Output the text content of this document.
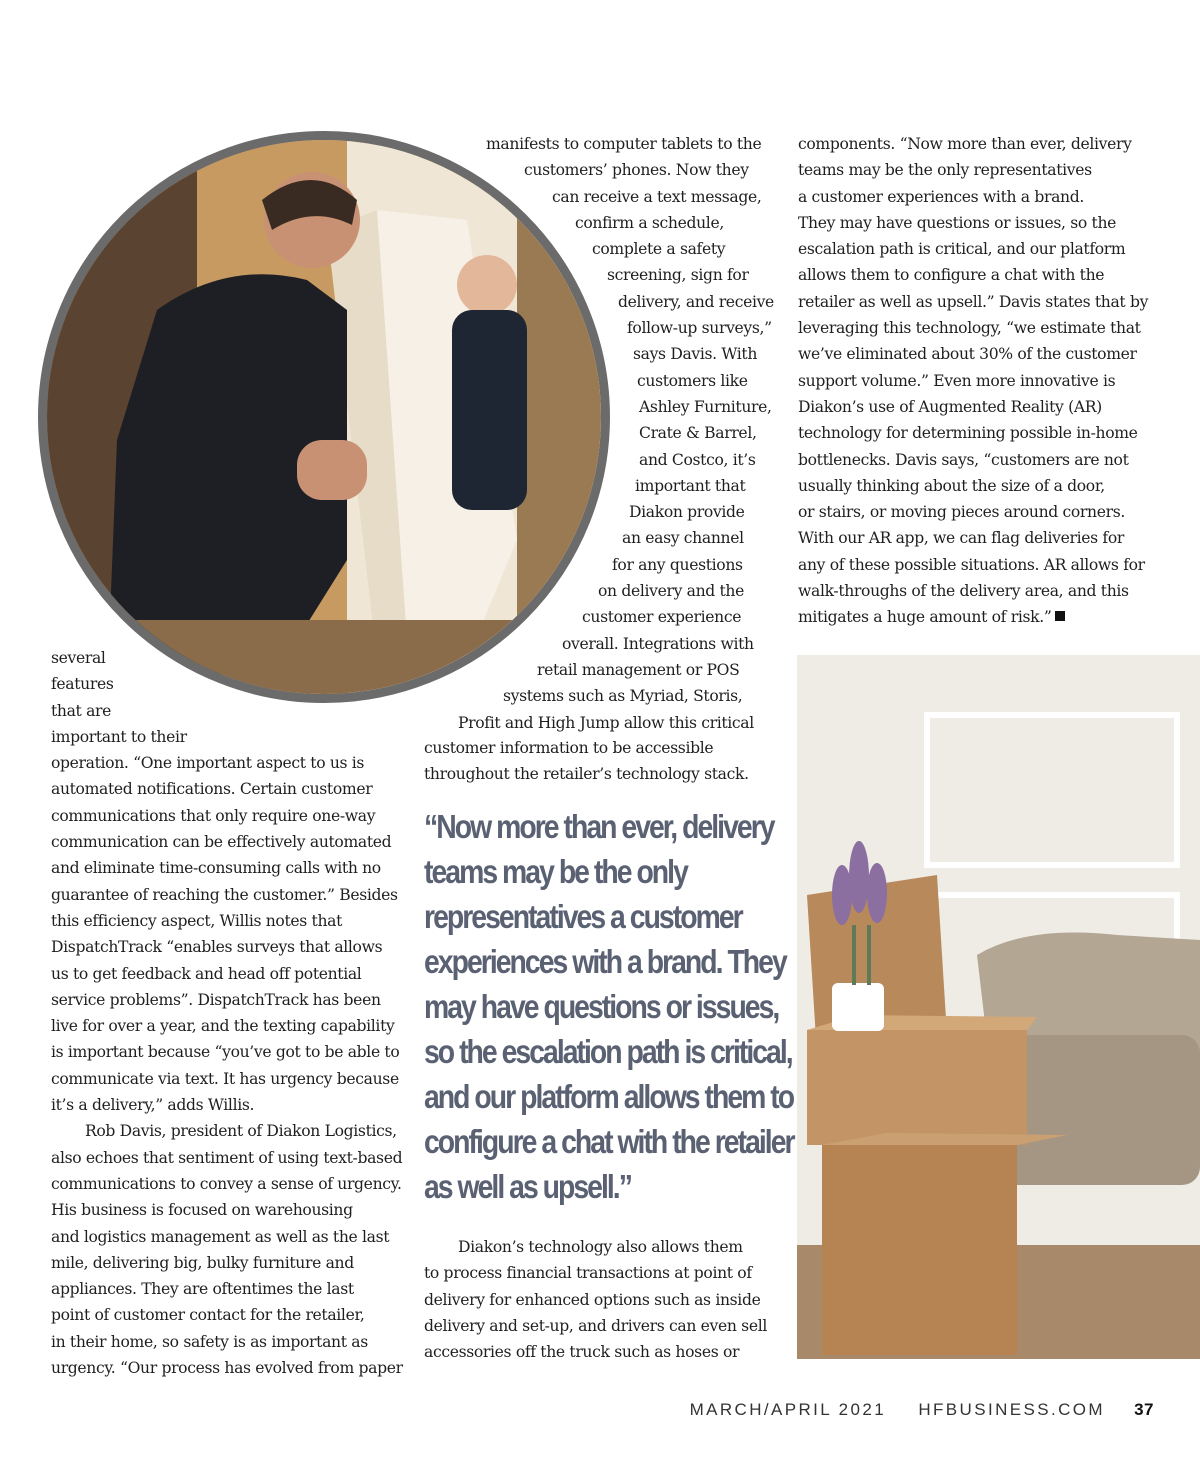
several
features
that are
important to their
operation. “One important aspect to us is
automated notifications. Certain customer
communications that only require one-way
communication can be effectively automated
and eliminate time-consuming calls with no
guarantee of reaching the customer.” Besides
this efficiency aspect, Willis notes that
DispatchTrack “enables surveys that allows
us to get feedback and head off potential
service problems”. DispatchTrack has been
live for over a year, and the texting capability
is important because “you’ve got to be able to
communicate via text. It has urgency because
it’s a delivery,” adds Willis.
Rob Davis, president of Diakon Logistics,
also echoes that sentiment of using text-based
communications to convey a sense of urgency.
His business is focused on warehousing
and logistics management as well as the last
mile, delivering big, bulky furniture and
appliances. They are oftentimes the last
point of customer contact for the retailer,
in their home, so safety is as important as
urgency. “Our process has evolved from paper
manifests to computer tablets to the
customers’ phones. Now they
can receive a text message,
confirm a schedule,
complete a safety
screening, sign for
delivery, and receive
follow-up surveys,”
says Davis. With
customers like
Ashley Furniture,
Crate & Barrel,
and Costco, it’s
important that
Diakon provide
an easy channel
for any questions
on delivery and the
customer experience
overall. Integrations with
retail management or POS
systems such as Myriad, Storis,
Profit and High Jump allow this critical
customer information to be accessible
throughout the retailer’s technology stack.
“Now more than ever, delivery
teams may be the only
representatives a customer
experiences with a brand. They
may have questions or issues,
so the escalation path is critical,
and our platform allows them to
configure a chat with the retailer
as well as upsell.”
Diakon’s technology also allows them
to process financial transactions at point of
delivery for enhanced options such as inside
delivery and set-up, and drivers can even sell
accessories off the truck such as hoses or
components. “Now more than ever, delivery
teams may be the only representatives
a customer experiences with a brand.
They may have questions or issues, so the
escalation path is critical, and our platform
allows them to configure a chat with the
retailer as well as upsell.” Davis states that by
leveraging this technology, “we estimate that
we’ve eliminated about 30% of the customer
support volume.” Even more innovative is
Diakon’s use of Augmented Reality (AR)
technology for determining possible in-home
bottlenecks. Davis says, “customers are not
usually thinking about the size of a door,
or stairs, or moving pieces around corners.
With our AR app, we can flag deliveries for
any of these possible situations. AR allows for
walk-throughs of the delivery area, and this
mitigates a huge amount of risk.”
MARCH/APRIL 2021 HFBUSINESS.COM 37
